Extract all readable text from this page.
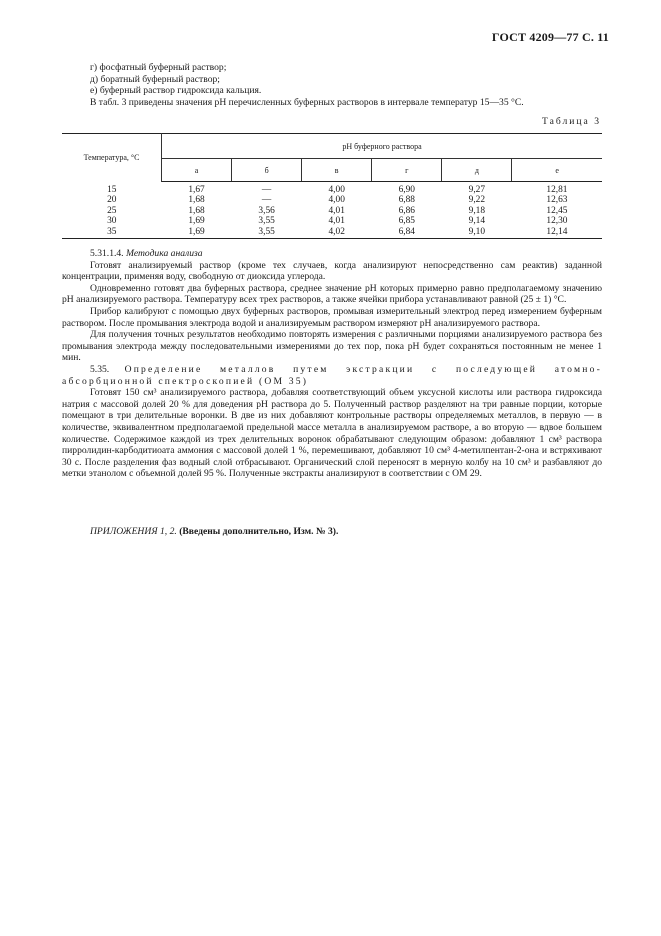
ГОСТ 4209—77 С. 11

г) фосфатный буферный раствор;

д) боратный буферный раствор;

е) буферный раствор гидроксида кальция.

В табл. 3 приведены значения рН перечисленных буферных растворов в интервале температур 15—35 °С.

Таблица 3
Температура, °С	рН буферного раствора					
	а	б	в	г	д	е
15	1,67	—	4,00	6,90	9,27	12,81
20	1,68	—	4,00	6,88	9,22	12,63
25	1,68	3,56	4,01	6,86	9,18	12,45
30	1,69	3,55	4,01	6,85	9,14	12,30
35	1,69	3,55	4,02	6,84	9,10	12,14

5.31.1.4. Методика анализа

Готовят анализируемый раствор (кроме тех случаев, когда анализируют непосредственно сам реактив) заданной концентрации, применяя воду, свободную от диоксида углерода.

Одновременно готовят два буферных раствора, среднее значение рН которых примерно равно предполагаемому значению рН анализируемого раствора. Температуру всех трех растворов, а также ячейки прибора устанавливают равной (25 ± 1) °С.

Прибор калибруют с помощью двух буферных растворов, промывая измерительный электрод перед измерением буферным раствором. После промывания электрода водой и анализируемым раствором измеряют рН анализируемого раствора.

Для получения точных результатов необходимо повторять измерения с различными порциями анализируемого раствора без промывания электрода между последовательными измерениями до тех пор, пока рН будет сохраняться постоянным не менее 1 мин.

5.35. Определение металлов путем экстракции с последующей атомно-абсорбционной спектроскопией (ОМ 35)

Готовят 150 см³ анализируемого раствора, добавляя соответствующий объем уксусной кислоты или раствора гидроксида натрия с массовой долей 20 % для доведения рН раствора до 5. Полученный раствор разделяют на три равные порции, которые помещают в три делительные воронки. В две из них добавляют контрольные растворы определяемых металлов, в первую — в количестве, эквивалентном предполагаемой предельной массе металла в анализируемом растворе, а во вторую — вдвое большем количестве. Содержимое каждой из трех делительных воронок обрабатывают следующим образом: добавляют 1 см³ раствора пирролидин-карбодитиоата аммония с массовой долей 1 %, перемешивают, добавляют 10 см³ 4-метилпентан-2-она и встряхивают 30 с. После разделения фаз водный слой отбрасывают. Органический слой переносят в мерную колбу на 10 см³ и разбавляют до метки этанолом с объемной долей 95 %. Полученные экстракты анализируют в соответствии с ОМ 29.

ПРИЛОЖЕНИЯ 1, 2. (Введены дополнительно, Изм. № 3).
